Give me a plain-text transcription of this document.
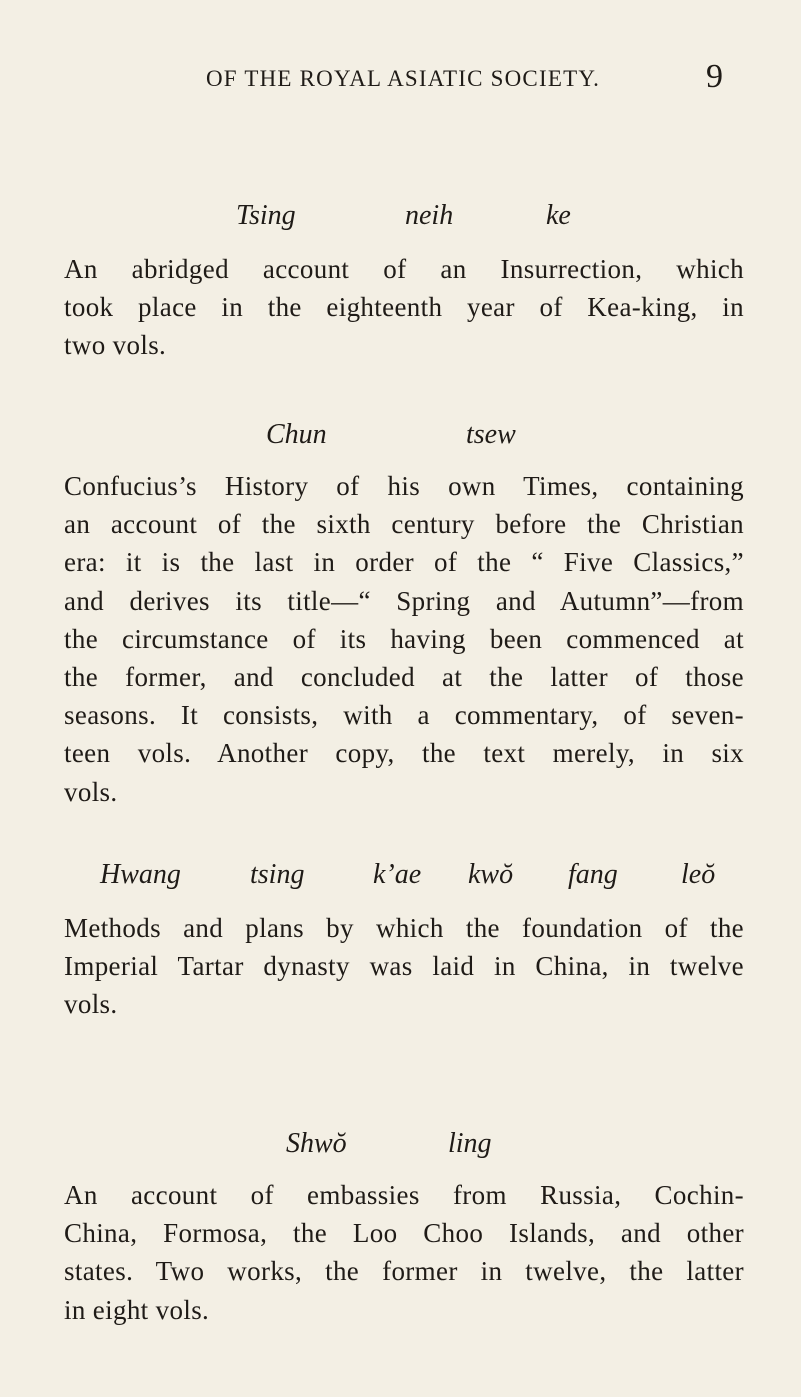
OF THE ROYAL ASIATIC SOCIETY.	9
Tsing	neih	ke

An abridged account of an Insurrection, which
took place in the eighteenth year of Kea-king, in
two vols.

Chun	tsew

Confucius’s History of his own Times, containing
an account of the sixth century before the Christian
era: it is the last in order of the “ Five Classics,”
and derives its title—“ Spring and Autumn”—from
the circumstance of its having been commenced at
the former, and concluded at the latter of those
seasons. It consists, with a commentary, of seven-
teen vols. Another copy, the text merely, in six
vols.

Hwang tsing k’ae kwŏ fang leŏ

Methods and plans by which the foundation of the
Imperial Tartar dynasty was laid in China, in twelve
vols.

Shwŏ	ling

An account of embassies from Russia, Cochin-
China, Formosa, the Loo Choo Islands, and other
states. Two works, the former in twelve, the latter
in eight vols.
